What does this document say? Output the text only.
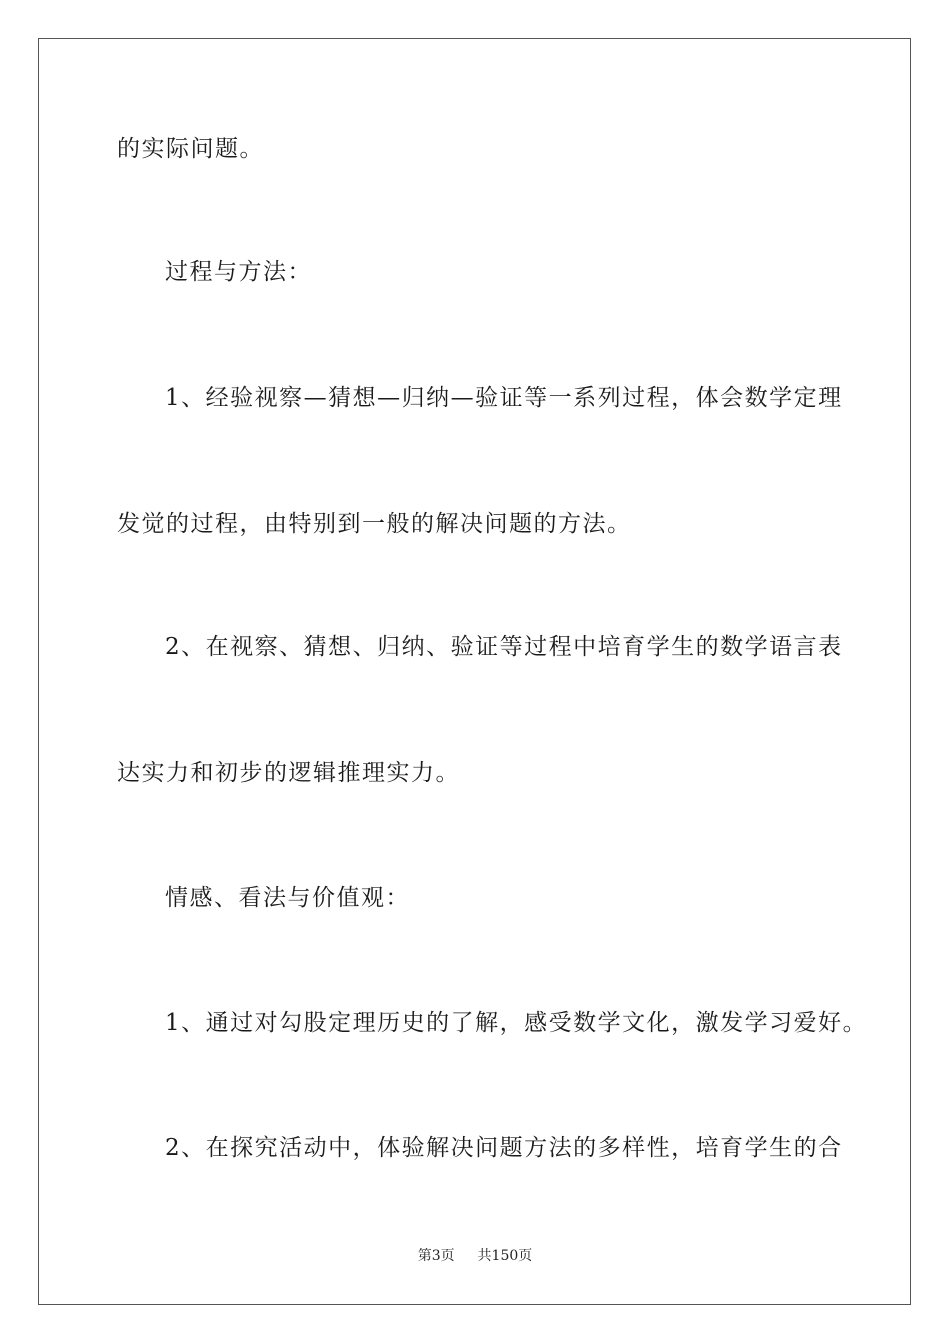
的实际问题。
过程与方法：
1、经验视察—猜想—归纳—验证等一系列过程，体会数学定理
发觉的过程，由特别到一般的解决问题的方法。
2、在视察、猜想、归纳、验证等过程中培育学生的数学语言表
达实力和初步的逻辑推理实力。
情感、看法与价值观：
1、通过对勾股定理历史的了解，感受数学文化，激发学习爱好。
2、在探究活动中，体验解决问题方法的多样性，培育学生的合
第3页 共150页
